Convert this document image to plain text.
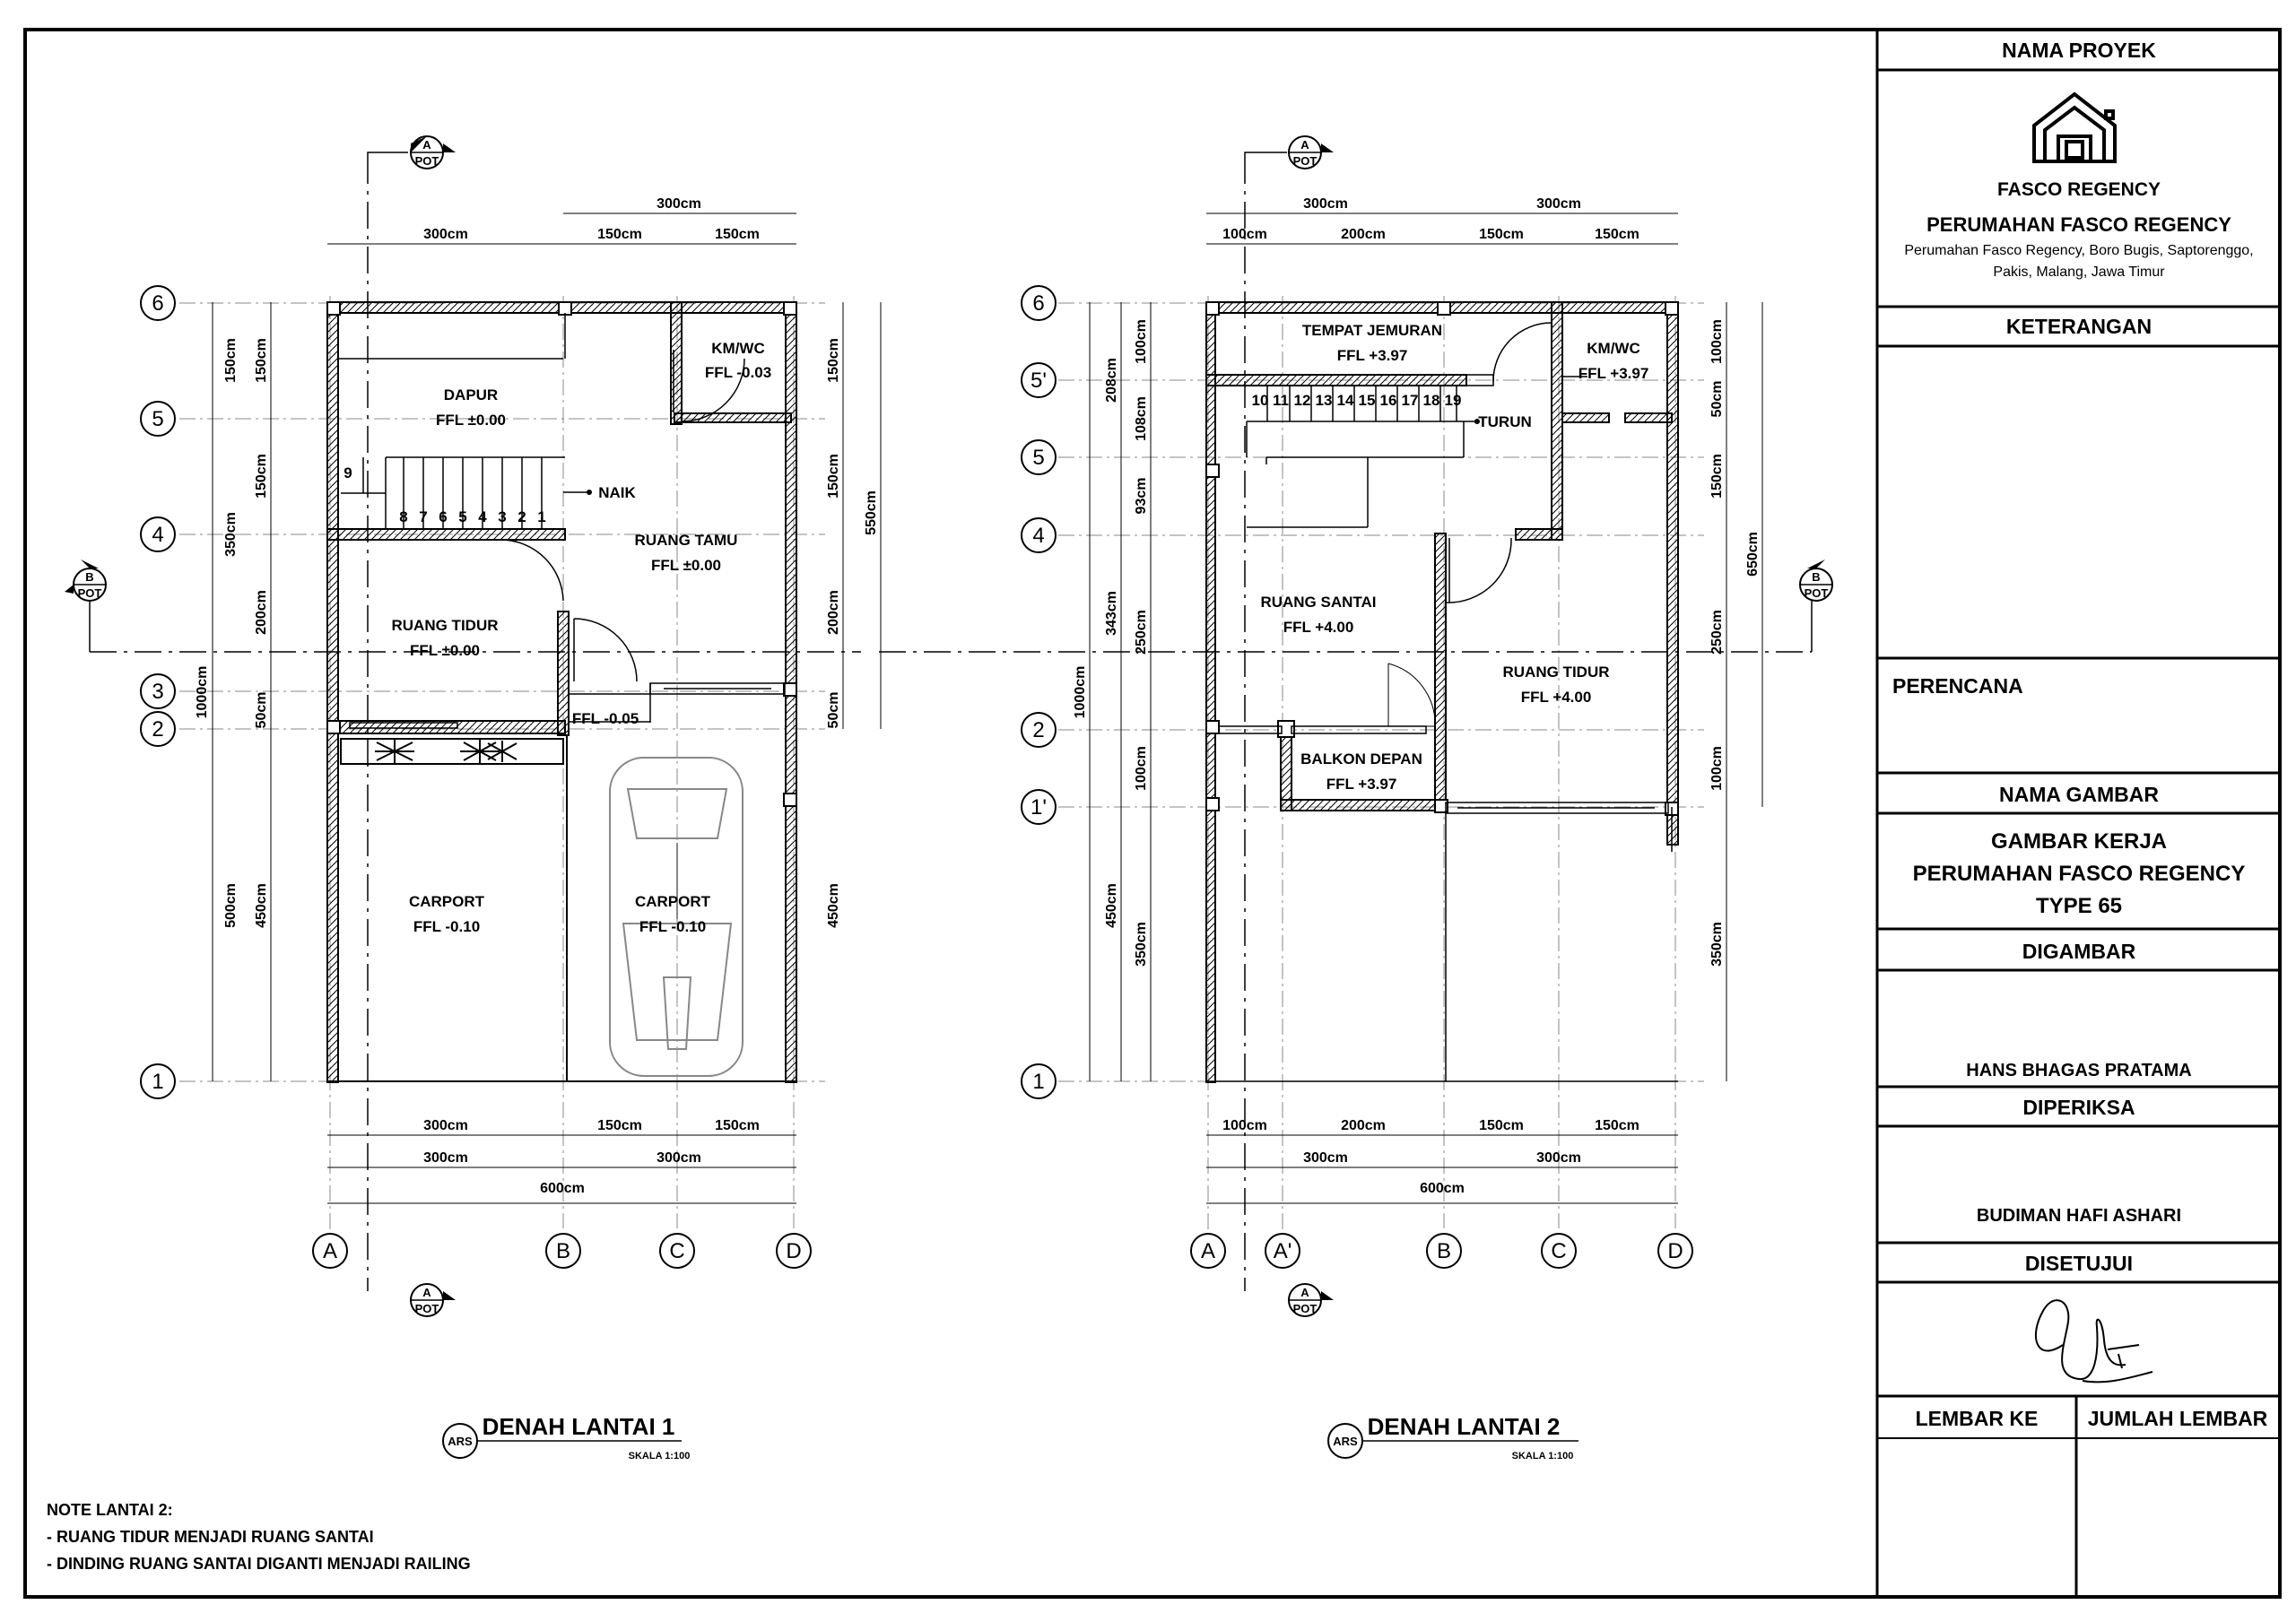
NAMA PROYEK
FASCO REGENCY
PERUMAHAN FASCO REGENCY
Perumahan Fasco Regency, Boro Bugis, Saptorenggo,
Pakis, Malang, Jawa Timur
KETERANGAN
PERENCANA
NAMA GAMBAR
GAMBAR KERJA
PERUMAHAN FASCO REGENCY
TYPE 65
DIGAMBAR
HANS BHAGAS PRATAMA
DIPERIKSA
BUDIMAN HAFI ASHARI
DISETUJUI
LEMBAR KE JUMLAH LEMBAR
DAPUR
FFL ±0.00
KM/WC
FFL -0.03
RUANG TAMU
FFL ±0.00
RUANG TIDUR
FFL ±0.00
FFL -0.05
CARPORT
FFL -0.10
CARPORT
FFL -0.10
NAIK
9
8 7 6 5 4 3 2 1
300cm
300cm	150cm	150cm
300cm	150cm	150cm
300cm	300cm
600cm
1000cm
150cm
350cm
500cm
150cm
150cm
200cm
50cm
450cm
150cm
150cm
200cm
50cm
450cm
550cm
6
5
4
3
2
1
A	B	C	D
A
POT
A
POT
B
POT
ARS
DENAH LANTAI 1
SKALA 1:100
TEMPAT JEMURAN
FFL +3.97	KM/WC
FFL +3.97
TURUN
RUANG SANTAI
FFL +4.00
RUANG TIDUR
FFL +4.00
BALKON DEPAN
FFL +3.97
10 11 12 13 14 15 16 17 18 19
300cm	300cm
100cm	200cm	150cm	150cm
100cm	200cm	150cm	150cm
300cm	300cm
600cm
1000cm
208cm
343cm
450cm
100cm
108cm
93cm
250cm
100cm
350cm
100cm
50cm
150cm
250cm
100cm
350cm
650cm
6
5'
5
4
2
1'
1
A	A'	B	C	D
A
POT
A
POT
B
POT
ARS
DENAH LANTAI 2
SKALA 1:100
NOTE LANTAI 2:
- RUANG TIDUR MENJADI RUANG SANTAI
- DINDING RUANG SANTAI DIGANTI MENJADI RAILING
